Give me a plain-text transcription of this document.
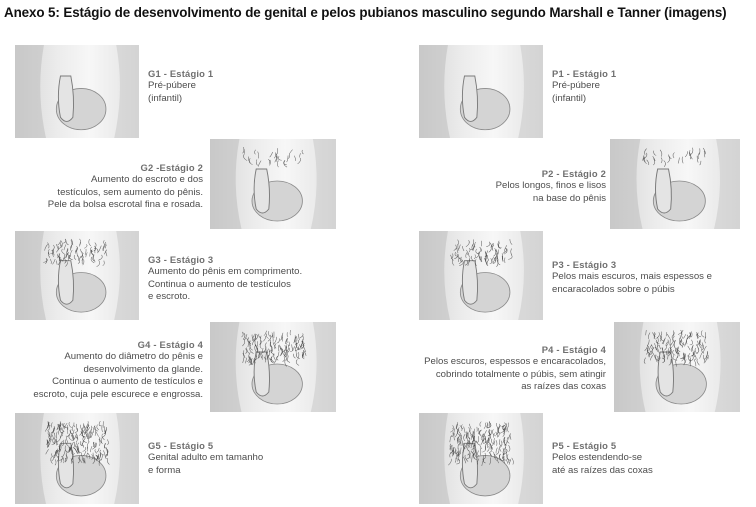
Anexo 5: Estágio de desenvolvimento de genital e pelos pubianos masculino segundo Marshall e Tanner (imagens)
G1 - Estágio 1
Pré-púbere
(infantil)
G2 -Estágio 2
Aumento do escroto e dos
testículos, sem aumento do pênis.
Pele da bolsa escrotal fina e rosada.
G3 - Estágio 3
Aumento do pênis em comprimento.
Continua o aumento de testículos
e escroto.
G4 - Estágio 4
Aumento do diâmetro do pênis e
desenvolvimento da glande.
Continua o aumento de testículos e
escroto, cuja pele escurece e engrossa.
G5 - Estágio 5
Genital adulto em tamanho
e forma
P1 - Estágio 1
Pré-púbere
(infantil)
P2 - Estágio 2
Pelos longos, finos e lisos
na base do pênis
P3 - Estágio 3
Pelos mais escuros, mais espessos e
encaracolados sobre o púbis
P4 - Estágio 4
Pelos escuros, espessos e encaracolados,
cobrindo totalmente o púbis, sem atingir
as raízes das coxas
P5 - Estágio 5
Pelos estendendo-se
até as raízes das coxas
